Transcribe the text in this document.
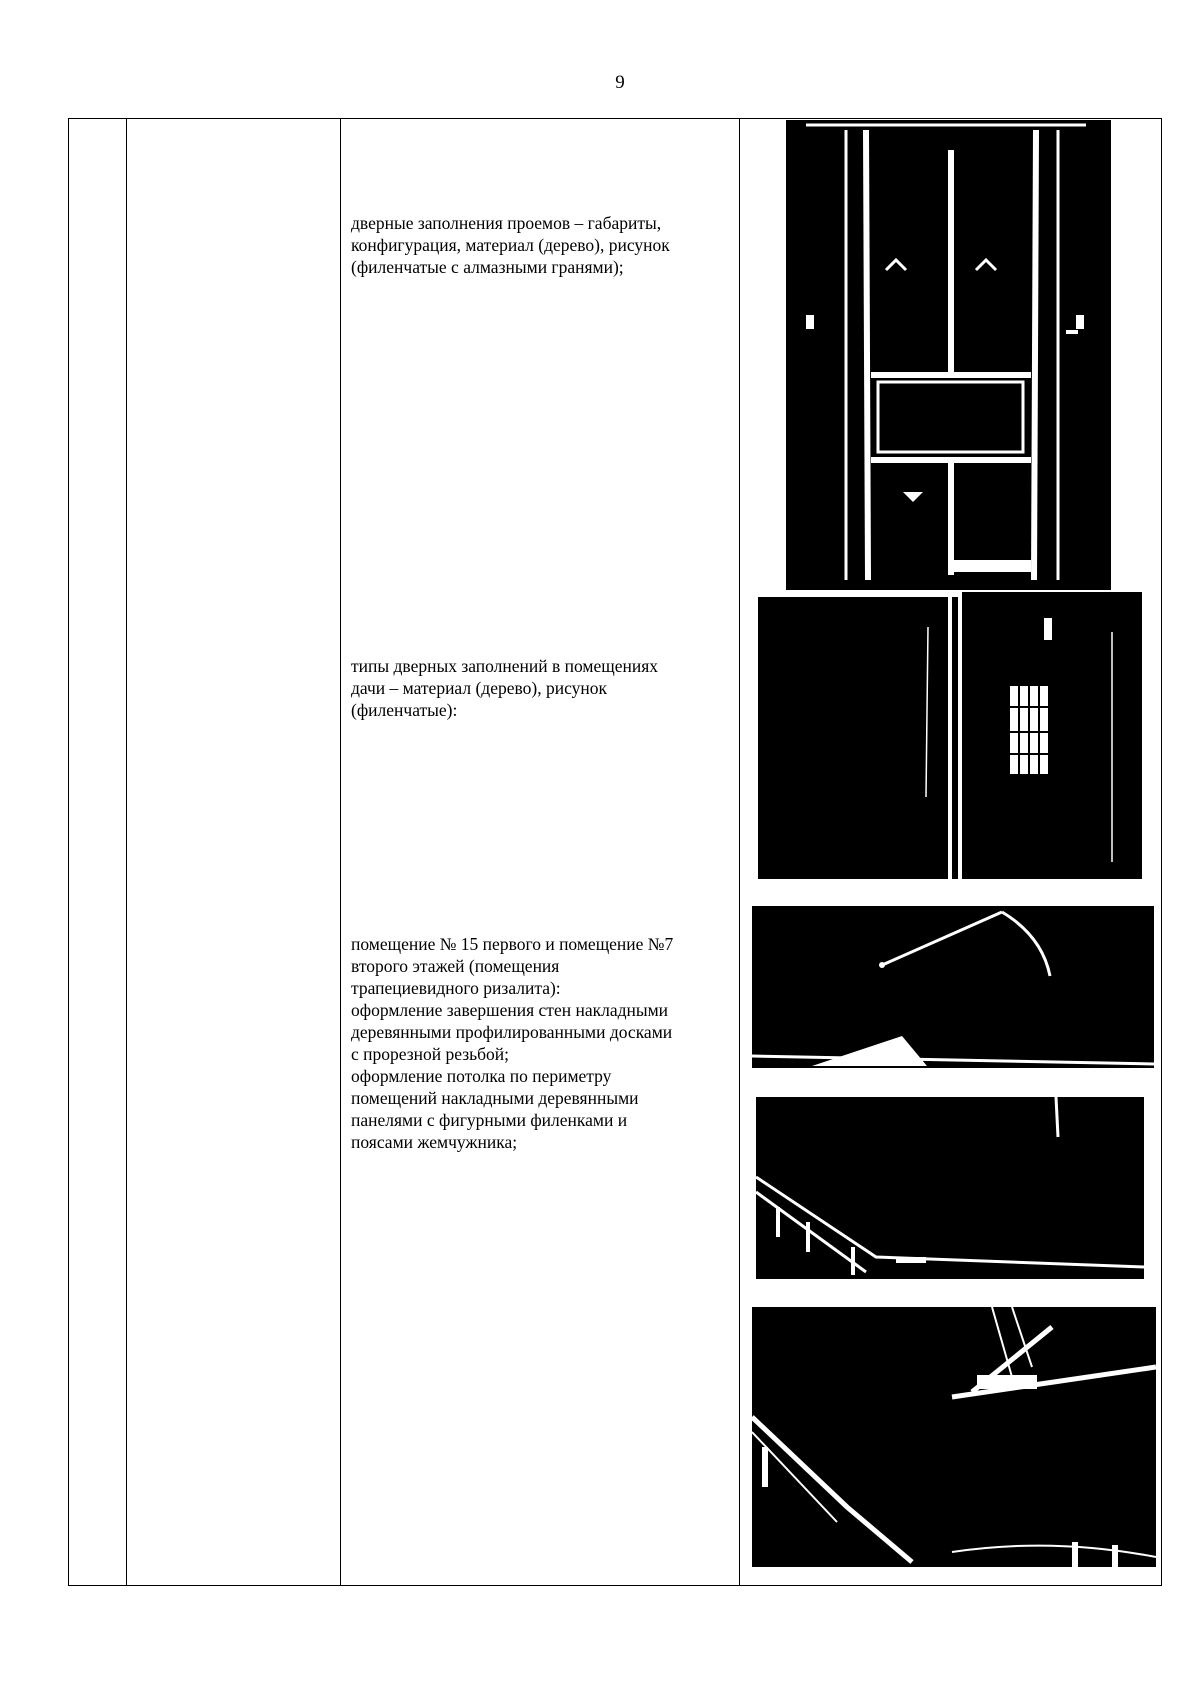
9
дверные заполнения проемов – габариты,
конфигурация, материал (дерево), рисунок
(филенчатые с алмазными гранями);
типы дверных заполнений в помещениях
дачи – материал (дерево), рисунок
(филенчатые):
помещение № 15 первого и помещение №7
второго этажей (помещения
трапециевидного ризалита):
оформление завершения стен накладными
деревянными профилированными досками
с прорезной резьбой;
оформление потолка по периметру
помещений накладными деревянными
панелями с фигурными филенками и
поясами жемчужника;
